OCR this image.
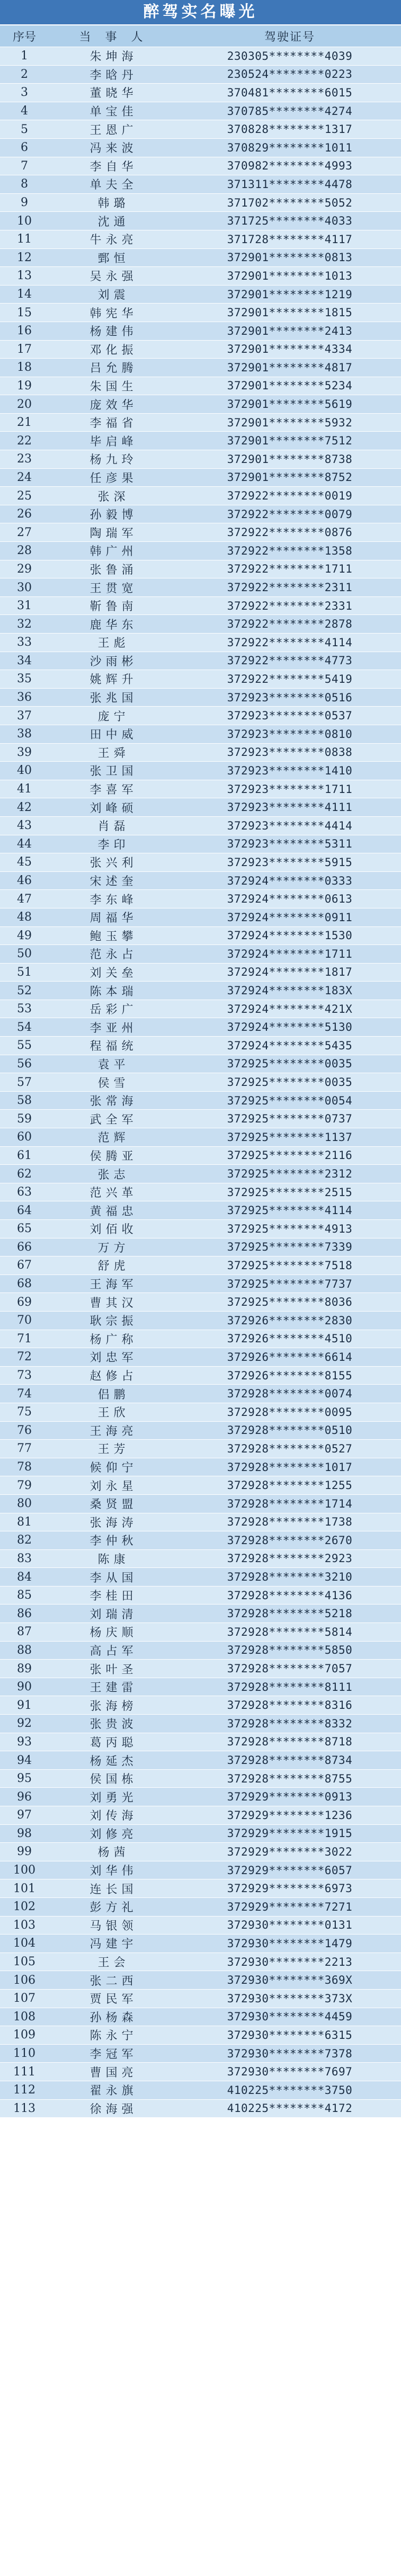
醉驾实名曝光
序号	当 事 人	驾驶证号
1	朱坤海	230305********4039
2	李晗丹	230524********0223
3	董晓华	370481********6015
4	单宝佳	370785********4274
5	王恩广	370828********1317
6	冯来波	370829********1011
7	李自华	370982********4993
8	单夫全	371311********4478
9	韩璐	371702********5052
10	沈通	371725********4033
11	牛永亮	371728********4117
12	鄄恒	372901********0813
13	吴永强	372901********1013
14	刘震	372901********1219
15	韩宪华	372901********1815
16	杨建伟	372901********2413
17	邓化振	372901********4334
18	吕允腾	372901********4817
19	朱国生	372901********5234
20	庞效华	372901********5619
21	李福省	372901********5932
22	毕启峰	372901********7512
23	杨九玲	372901********8738
24	任彦果	372901********8752
25	张深	372922********0019
26	孙毅博	372922********0079
27	陶瑞军	372922********0876
28	韩广州	372922********1358
29	张鲁涌	372922********1711
30	王贯宽	372922********2311
31	靳鲁南	372922********2331
32	鹿华东	372922********2878
33	王彪	372922********4114
34	沙雨彬	372922********4773
35	姚辉升	372922********5419
36	张兆国	372923********0516
37	庞宁	372923********0537
38	田中威	372923********0810
39	王舜	372923********0838
40	张卫国	372923********1410
41	李喜军	372923********1711
42	刘峰硕	372923********4111
43	肖磊	372923********4414
44	李印	372923********5311
45	张兴利	372923********5915
46	宋述奎	372924********0333
47	李东峰	372924********0613
48	周福华	372924********0911
49	鲍玉攀	372924********1530
50	范永占	372924********1711
51	刘关垒	372924********1817
52	陈本瑞	372924********183X
53	岳彩广	372924********421X
54	李亚州	372924********5130
55	程福统	372924********5435
56	袁平	372925********0035
57	侯雪	372925********0035
58	张常海	372925********0054
59	武全军	372925********0737
60	范辉	372925********1137
61	侯腾亚	372925********2116
62	张志	372925********2312
63	范兴革	372925********2515
64	黄福忠	372925********4114
65	刘佰收	372925********4913
66	万方	372925********7339
67	舒虎	372925********7518
68	王海军	372925********7737
69	曹其汉	372925********8036
70	耿宗振	372926********2830
71	杨广称	372926********4510
72	刘忠军	372926********6614
73	赵修占	372926********8155
74	侣鹏	372928********0074
75	王欣	372928********0095
76	王海亮	372928********0510
77	王芳	372928********0527
78	候仰宁	372928********1017
79	刘永星	372928********1255
80	桑贤盟	372928********1714
81	张海涛	372928********1738
82	李仲秋	372928********2670
83	陈康	372928********2923
84	李从国	372928********3210
85	李桂田	372928********4136
86	刘瑞清	372928********5218
87	杨庆顺	372928********5814
88	高占军	372928********5850
89	张叶圣	372928********7057
90	王建雷	372928********8111
91	张海榜	372928********8316
92	张贵波	372928********8332
93	葛丙聪	372928********8718
94	杨延杰	372928********8734
95	侯国栋	372928********8755
96	刘勇光	372929********0913
97	刘传海	372929********1236
98	刘修亮	372929********1915
99	杨茜	372929********3022
100	刘华伟	372929********6057
101	连长国	372929********6973
102	彭方礼	372929********7271
103	马银领	372930********0131
104	冯建宇	372930********1479
105	王会	372930********2213
106	张二西	372930********369X
107	贾民军	372930********373X
108	孙杨森	372930********4459
109	陈永宁	372930********6315
110	李冠军	372930********7378
111	曹国亮	372930********7697
112	翟永旗	410225********3750
113	徐海强	410225********4172
